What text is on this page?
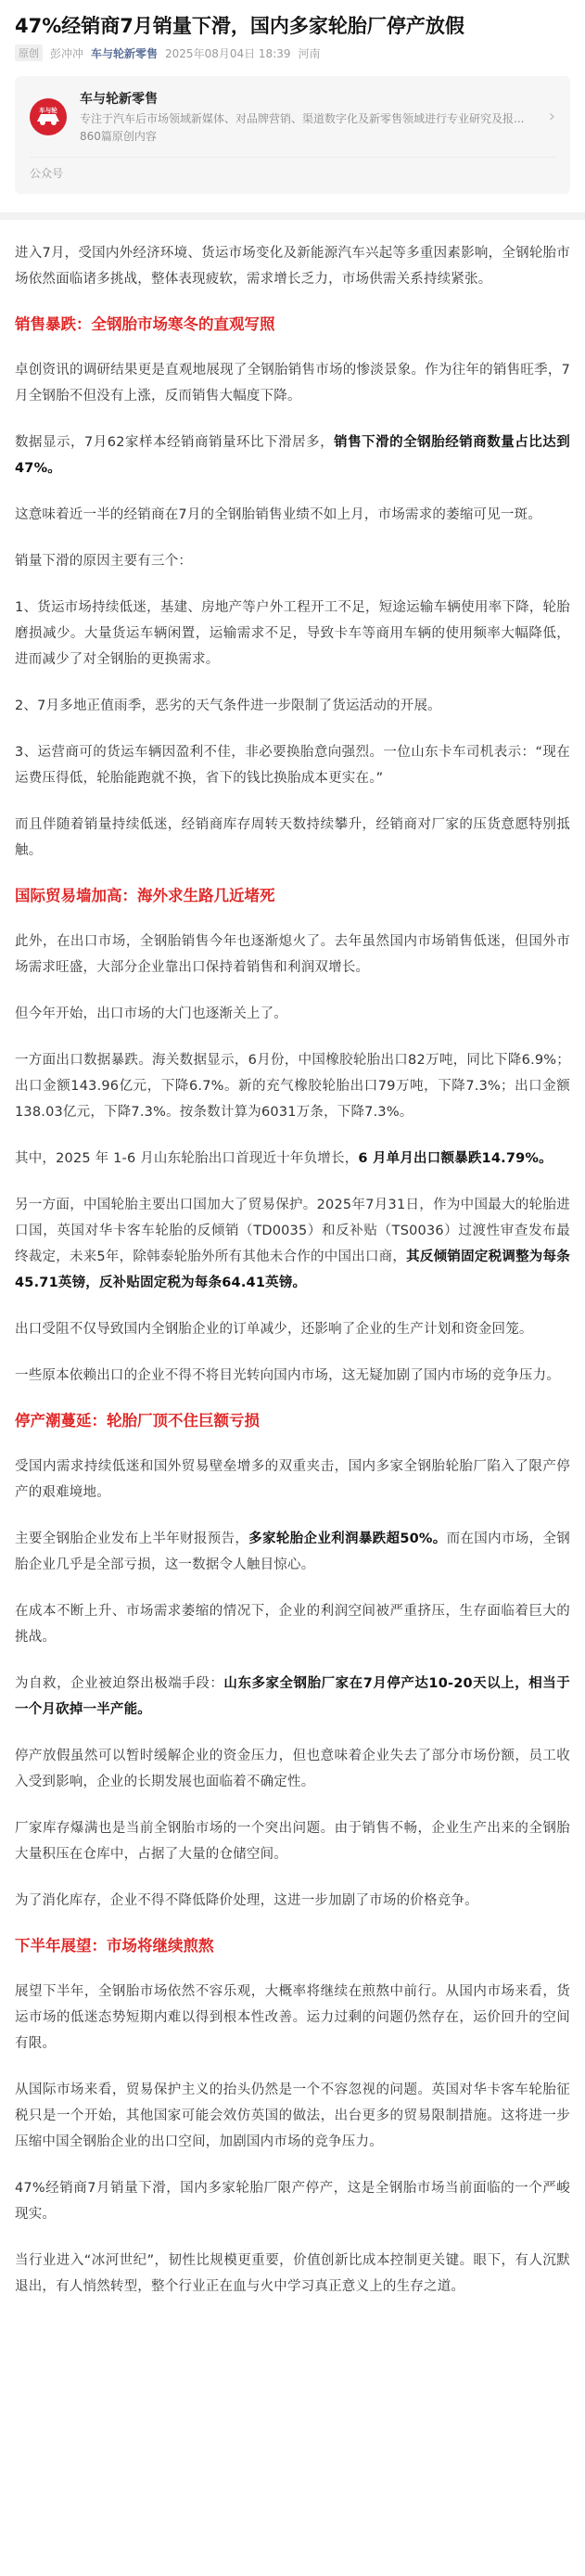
47%经销商7月销量下滑，国内多家轮胎厂停产放假
原创	彭冲冲 车与轮新零售 2025年08月04日 18:39 河南
车与轮
车与轮新零售
专注于汽车后市场领域新媒体、对品牌营销、渠道数字化及新零售领域进行专业研究及报...
860篇原创内容
›
公众号

进入7月，受国内外经济环境、货运市场变化及新能源汽车兴起等多重因素影响，全钢轮胎市场依然面临诸多挑战，整体表现疲软，需求增长乏力，市场供需关系持续紧张。

销售暴跌：全钢胎市场寒冬的直观写照

卓创资讯的调研结果更是直观地展现了全钢胎销售市场的惨淡景象。作为往年的销售旺季，7月全钢胎不但没有上涨，反而销售大幅度下降。

数据显示，7月62家样本经销商销量环比下滑居多，销售下滑的全钢胎经销商数量占比达到47%。

这意味着近一半的经销商在7月的全钢胎销售业绩不如上月，市场需求的萎缩可见一斑。

销量下滑的原因主要有三个：

1、货运市场持续低迷，基建、房地产等户外工程开工不足，短途运输车辆使用率下降，轮胎磨损减少。大量货运车辆闲置，运输需求不足，导致卡车等商用车辆的使用频率大幅降低，进而减少了对全钢胎的更换需求。

2、7月多地正值雨季，恶劣的天气条件进一步限制了货运活动的开展。

3、运营商可的货运车辆因盈利不佳，非必要换胎意向强烈。一位山东卡车司机表示：“现在运费压得低，轮胎能跑就不换，省下的钱比换胎成本更实在。”

而且伴随着销量持续低迷，经销商库存周转天数持续攀升，经销商对厂家的压货意愿特别抵触。

国际贸易墙加高：海外求生路几近堵死

此外，在出口市场，全钢胎销售今年也逐渐熄火了。去年虽然国内市场销售低迷，但国外市场需求旺盛，大部分企业靠出口保持着销售和利润双增长。

但今年开始，出口市场的大门也逐渐关上了。

一方面出口数据暴跌。海关数据显示，6月份，中国橡胶轮胎出口82万吨，同比下降6.9%；出口金额143.96亿元，下降6.7%。新的充气橡胶轮胎出口79万吨，下降7.3%；出口金额138.03亿元，下降7.3%。按条数计算为6031万条，下降7.3%。

其中，2025 年 1-6 月山东轮胎出口首现近十年负增长，6 月单月出口额暴跌14.79%。

另一方面，中国轮胎主要出口国加大了贸易保护。2025年7月31日，作为中国最大的轮胎进口国，英国对华卡客车轮胎的反倾销（TD0035）和反补贴（TS0036）过渡性审查发布最终裁定，未来5年，除韩泰轮胎外所有其他未合作的中国出口商，其反倾销固定税调整为每条45.71英镑，反补贴固定税为每条64.41英镑。

出口受阻不仅导致国内全钢胎企业的订单减少，还影响了企业的生产计划和资金回笼。

一些原本依赖出口的企业不得不将目光转向国内市场，这无疑加剧了国内市场的竞争压力。

停产潮蔓延：轮胎厂顶不住巨额亏损

受国内需求持续低迷和国外贸易壁垒增多的双重夹击，国内多家全钢胎轮胎厂陷入了限产停产的艰难境地。

主要全钢胎企业发布上半年财报预告，多家轮胎企业利润暴跌超50%。而在国内市场，全钢胎企业几乎是全部亏损，这一数据令人触目惊心。

在成本不断上升、市场需求萎缩的情况下，企业的利润空间被严重挤压，生存面临着巨大的挑战。

为自救，企业被迫祭出极端手段：山东多家全钢胎厂家在7月停产达10-20天以上，相当于一个月砍掉一半产能。

停产放假虽然可以暂时缓解企业的资金压力，但也意味着企业失去了部分市场份额，员工收入受到影响，企业的长期发展也面临着不确定性。

厂家库存爆满也是当前全钢胎市场的一个突出问题。由于销售不畅，企业生产出来的全钢胎大量积压在仓库中，占据了大量的仓储空间。

为了消化库存，企业不得不降低降价处理，这进一步加剧了市场的价格竞争。

下半年展望：市场将继续煎熬

展望下半年，全钢胎市场依然不容乐观，大概率将继续在煎熬中前行。从国内市场来看，货运市场的低迷态势短期内难以得到根本性改善。运力过剩的问题仍然存在，运价回升的空间有限。

从国际市场来看，贸易保护主义的抬头仍然是一个不容忽视的问题。英国对华卡客车轮胎征税只是一个开始，其他国家可能会效仿英国的做法，出台更多的贸易限制措施。这将进一步压缩中国全钢胎企业的出口空间，加剧国内市场的竞争压力。

47%经销商7月销量下滑，国内多家轮胎厂限产停产，这是全钢胎市场当前面临的一个严峻现实。

当行业进入“冰河世纪”，韧性比规模更重要，价值创新比成本控制更关键。眼下，有人沉默退出，有人悄然转型，整个行业正在血与火中学习真正意义上的生存之道。
